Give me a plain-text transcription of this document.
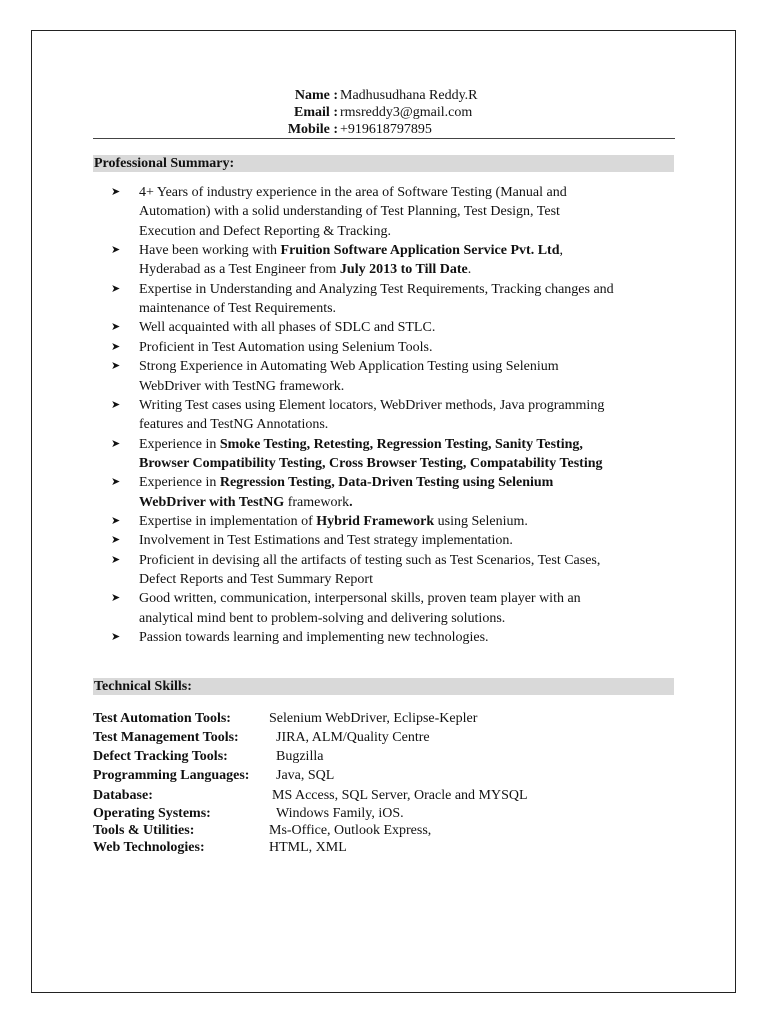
Name : Madhusudhana Reddy.R
Email : rmsreddy3@gmail.com
Mobile : +919618797895
Professional Summary:
➤	4+ Years of industry experience in the area of Software Testing (Manual and
Automation) with a solid understanding of Test Planning, Test Design, Test
Execution and Defect Reporting & Tracking.
➤	Have been working with Fruition Software Application Service Pvt. Ltd,
Hyderabad as a Test Engineer from July 2013 to Till Date.
➤	Expertise in Understanding and Analyzing Test Requirements, Tracking changes and
maintenance of Test Requirements.
➤	Well acquainted with all phases of SDLC and STLC.
➤	Proficient in Test Automation using Selenium Tools.
➤	Strong Experience in Automating Web Application Testing using Selenium
WebDriver with TestNG framework.
➤	Writing Test cases using Element locators, WebDriver methods, Java programming
features and TestNG Annotations.
➤	Experience in Smoke Testing, Retesting, Regression Testing, Sanity Testing,
Browser Compatibility Testing, Cross Browser Testing, Compatability Testing
➤	Experience in Regression Testing, Data-Driven Testing using Selenium
WebDriver with TestNG framework.
➤	Expertise in implementation of Hybrid Framework using Selenium.
➤	Involvement in Test Estimations and Test strategy implementation.
➤	Proficient in devising all the artifacts of testing such as Test Scenarios, Test Cases,
Defect Reports and Test Summary Report
➤	Good written, communication, interpersonal skills, proven team player with an
analytical mind bent to problem-solving and delivering solutions.
➤	Passion towards learning and implementing new technologies.
Technical Skills:
Test Automation Tools:	Selenium WebDriver, Eclipse-Kepler
Test Management Tools:	JIRA, ALM/Quality Centre
Defect Tracking Tools:	Bugzilla
Programming Languages: Java, SQL
Database:	MS Access, SQL Server, Oracle and MYSQL
Operating Systems:	Windows Family, iOS.
Tools & Utilities:	Ms-Office, Outlook Express,
Web Technologies:	HTML, XML
